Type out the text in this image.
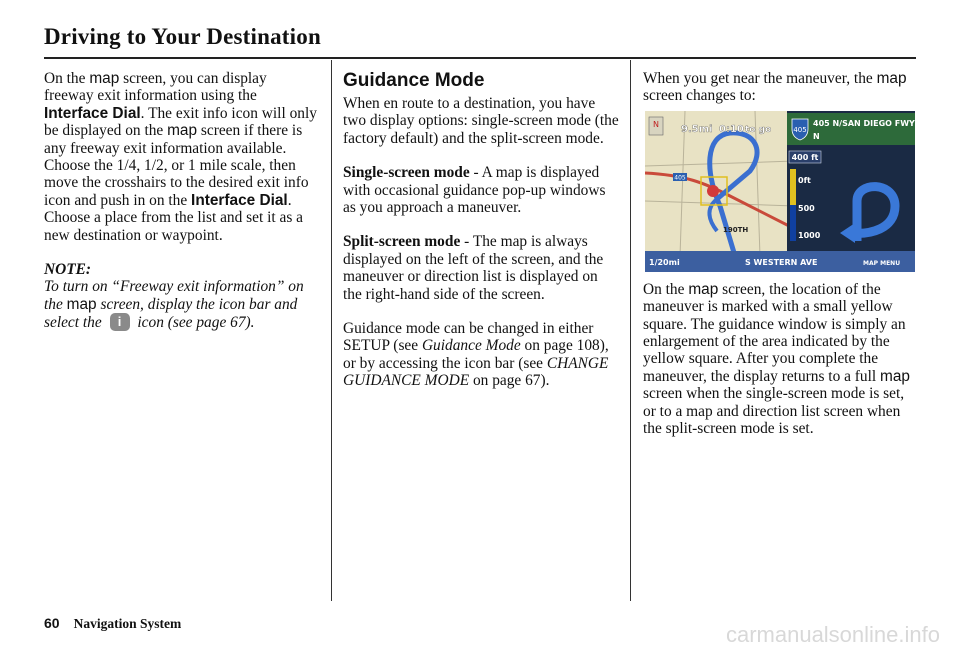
Driving to Your Destination

On the map screen, you can display freeway exit information using the Interface Dial. The exit info icon will only be displayed on the map screen if there is any freeway exit information available. Choose the 1/4, 1/2, or 1 mile scale, then move the crosshairs to the desired exit info icon and push in on the Interface Dial. Choose a place from the list and set it as a new destination or waypoint.

NOTE:

To turn on “Freeway exit information” on the map screen, display the icon bar and select the i icon (see page 67).

Guidance Mode

When en route to a destination, you have two display options: single-screen mode (the factory default) and the split-screen mode.

Single-screen mode - A map is displayed with occasional guidance pop-up windows as you approach a maneuver.

Split-screen mode - The map is always displayed on the left of the screen, and the maneuver or direction list is displayed on the right-hand side of the screen.

Guidance mode can be changed in either SETUP (see Guidance Mode on page 108), or by accessing the icon bar (see CHANGE GUIDANCE MODE on page 67).

When you get near the maneuver, the map screen changes to:

On the map screen, the location of the maneuver is marked with a small yellow square. The guidance window is simply an enlargement of the area indicated by the yellow square. After you complete the maneuver, the display returns to a full map screen when the single-screen mode is set, or to a map and direction list screen when the split-screen mode is set.

N 9.5mi 0:10 to go
405
190TH
405
405 N/SAN DIEGO FWY
N
400 ft
0ft
500
1000
1/20mi	S WESTERN AVE	MAP MENU
60 Navigation System	carmanualsonline.info
